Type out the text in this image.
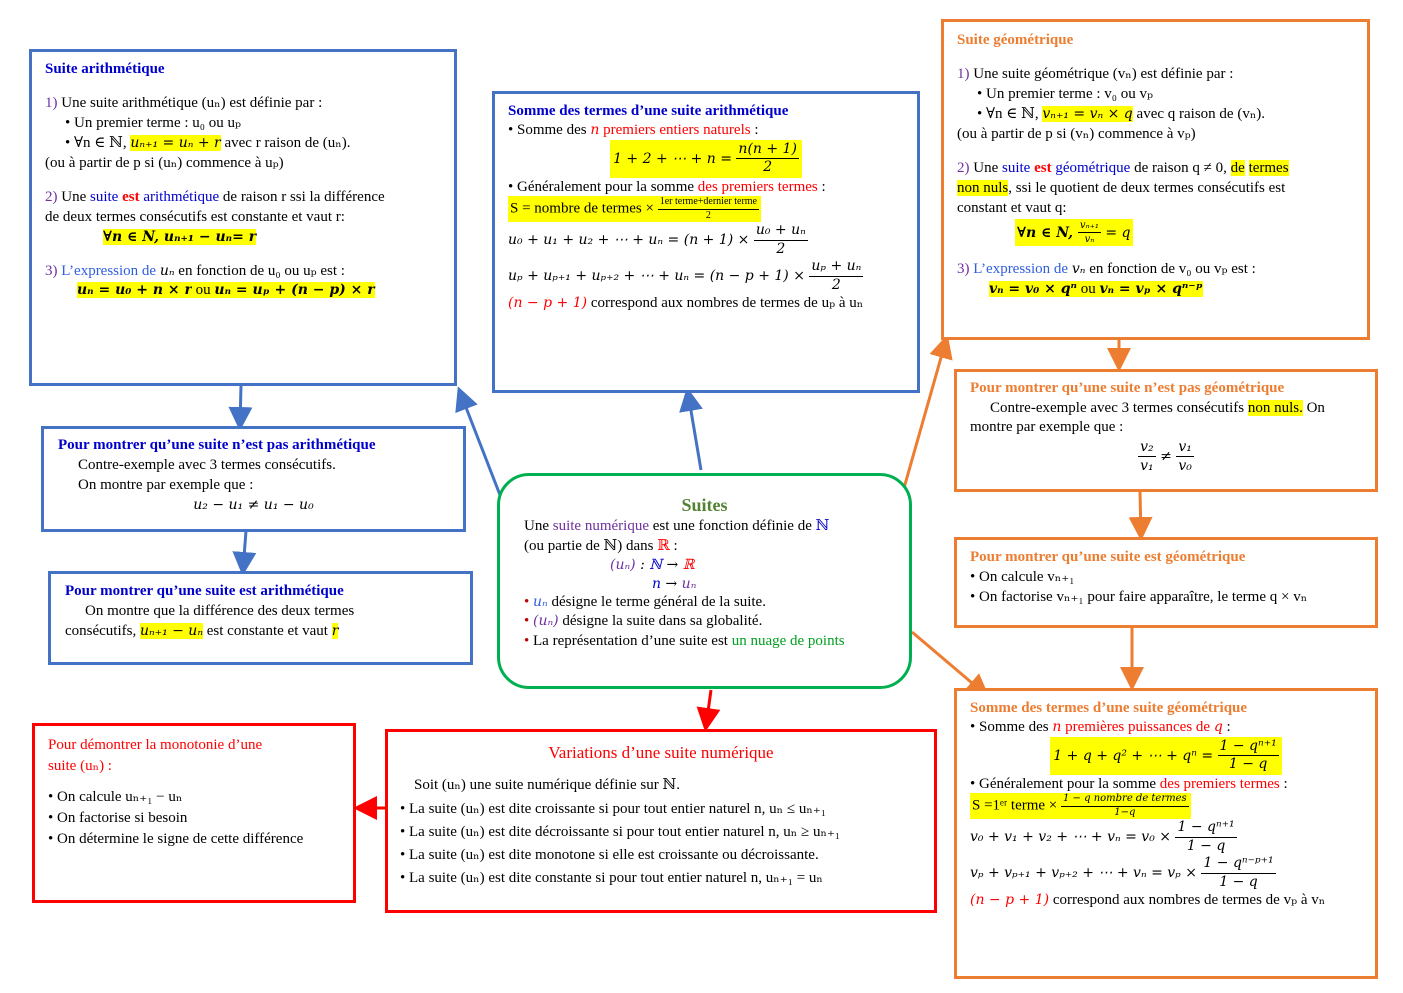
Suite arithmétique
1) Une suite arithmétique (uₙ) est définie par :
• Un premier terme : u₀ ou uₚ
• ∀n ∈ ℕ, uₙ₊₁ = uₙ + r avec r raison de (uₙ).
(ou à partir de p si (uₙ) commence à uₚ)
2) Une suite est arithmétique de raison r ssi la différence
de deux termes consécutifs est constante et vaut r:
∀n ∈ N, uₙ₊₁ − uₙ= r
3) L’expression de uₙ en fonction de u₀ ou uₚ est :
uₙ = u₀ + n × r ou uₙ = uₚ + (n − p) × r
Pour montrer qu’une suite n’est pas arithmétique
Contre-exemple avec 3 termes consécutifs.
On montre par exemple que :
u₂ − u₁ ≠ u₁ − u₀
Pour montrer qu’une suite est arithmétique
On montre que la différence des deux termes
consécutifs, uₙ₊₁ − uₙ est constante et vaut r
Somme des termes d’une suite arithmétique
• Somme des n premiers entiers naturels :
1 + 2 + ⋯ + $n = \frac{n(n + 1)}{2}$
• Généralement pour la somme des premiers termes :
S = nombre de termes × 1er terme+dernier terme
2
u₀ + u₁ + u₂ + ⋯ + $u_n = (n + 1) \times \frac{\text{u₀ + uₙ}}{2}$
uₚ + uₚ₊₁ + uₚ₊₂ + ⋯ + $u_n = (n - p + 1) \times \frac{\text{uₚ + uₙ}}{2}$
(n − p + 1) correspond aux nombres de termes de uₚ à uₙ
Suites
Une suite numérique est une fonction définie de ℕ
(ou partie de ℕ) dans ℝ :
(uₙ) : ℕ → ℝ
n → uₙ
• uₙ désigne le terme général de la suite.
• (uₙ) désigne la suite dans sa globalité.
• La représentation d’une suite est un nuage de points
Suite géométrique
1) Une suite géométrique (vₙ) est définie par :
• Un premier terme : v₀ ou vₚ
• ∀n ∈ ℕ, vₙ₊₁ = vₙ × q avec q raison de (vₙ).
(ou à partir de p si (vₙ) commence à vₚ)
2) Une suite est géométrique de raison q ≠ 0, de termes
non nuls, ssi le quotient de deux termes consécutifs est
constant et vaut q:
∀n ∈ N, $\frac{\text{vₙ₊₁}}{\text{vₙ}} = q$
3) L’expression de vₙ en fonction de v₀ ou vₚ est :
vₙ = v₀ × qⁿ ou vₙ = vₚ × qⁿ⁻ᵖ
Pour montrer qu’une suite n’est pas géométrique
Contre-exemple avec 3 termes consécutifs non nuls. On
montre par exemple que :
$\frac{\text{v₂}}{\text{v₁}} \ne \frac{\text{v₁}}{\text{v₀}}$
Pour montrer qu’une suite est géométrique
• On calcule vₙ₊₁
• On factorise vₙ₊₁ pour faire apparaître, le terme q × vₙ
Somme des termes d’une suite géométrique
• Somme des n premières puissances de q :
1 + q + q² + ⋯ + $q^n = \frac{\text{1 − qⁿ⁺¹}}{1 - q}$
• Généralement pour la somme des premiers termes :
S =1ᵉʳ terme × 1 − q nombre de termes
1−q
v₀ + v₁ + v₂ + ⋯ + $v_n = v_0 \times \frac{\text{1 − qⁿ⁺¹}}{1 - q}$
vₚ + vₚ₊₁ + vₚ₊₂ + ⋯ + $v_n = v_p \times \frac{\text{1 − qⁿ⁻ᵖ⁺¹}}{1 - q}$
(n − p + 1) correspond aux nombres de termes de vₚ à vₙ
Pour démontrer la monotonie d’une
suite (uₙ) :
• On calcule uₙ₊₁ − uₙ
• On factorise si besoin
• On détermine le signe de cette différence
Variations d’une suite numérique
Soit (uₙ) une suite numérique définie sur ℕ.
• La suite (uₙ) est dite croissante si pour tout entier naturel n, uₙ ≤ uₙ₊₁
• La suite (uₙ) est dite décroissante si pour tout entier naturel n, uₙ ≥ uₙ₊₁
• La suite (uₙ) est dite monotone si elle est croissante ou décroissante.
• La suite (uₙ) est dite constante si pour tout entier naturel n, uₙ₊₁ = uₙ
